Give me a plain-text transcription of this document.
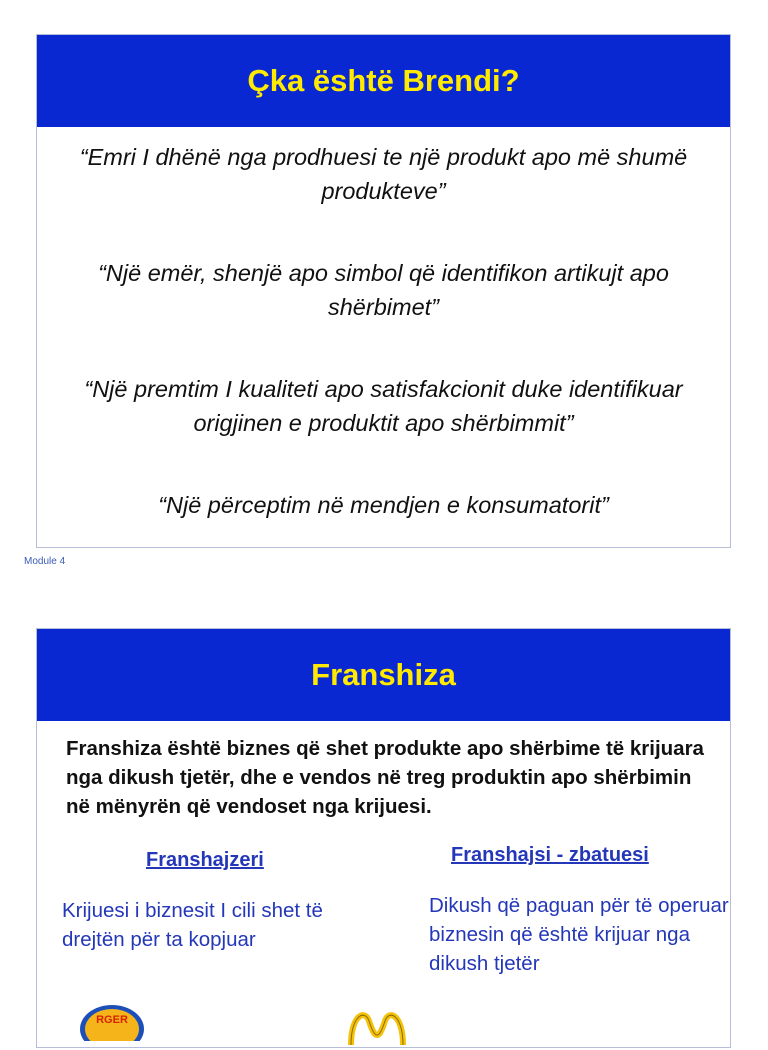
Çka është Brendi?
“Emri I dhënë nga prodhuesi te një produkt apo më shumë produkteve”
“Një emër, shenjë apo simbol që identifikon artikujt apo shërbimet”
“Një premtim I kualiteti apo satisfakcionit duke identifikuar origjinen e produktit apo shërbimmit”
“Një përceptim në mendjen e konsumatorit”
Module 4
Franshiza
Franshiza është biznes që shet produkte apo shërbime të krijuara nga dikush tjetër, dhe e vendos në treg produktin apo shërbimin në mënyrën që vendoset nga krijuesi.
Franshajzeri
Krijuesi i biznesit I cili shet të drejtën për ta kopjuar
Franshajsi - zbatuesi
Dikush që paguan për të operuar biznesin që është krijuar nga dikush tjetër
RGER
